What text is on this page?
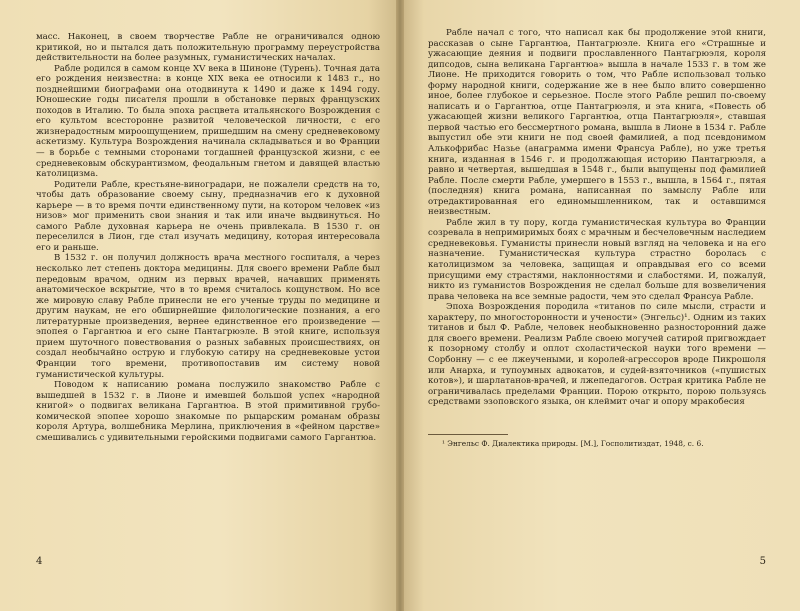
масс. Наконец, в своем творчестве Рабле не ограничивался одною критикой, но и пытался дать положительную программу переустройства действительности на более разумных, гуманистических началах.

Рабле родился в самом конце XV века в Шиноне (Турень). Точная дата его рождения неизвестна: в конце XIX века ее относили к 1483 г., но позднейшими биографами она отодвинута к 1490 и даже к 1494 году. Юношеские годы писателя прошли в обстановке первых французских походов в Италию. То была эпоха расцвета итальянского Возрождения с его культом всесторонне развитой человеческой личности, с его жизнерадостным мироощущением, пришедшим на смену средневековому аскетизму. Культура Возрождения начинала складываться и во Франции — в борьбе с темными сторонами тогдашней французской жизни, с ее средневековым обскурантизмом, феодальным гнетом и давящей властью католицизма.

Родители Рабле, крестьяне-виноградари, не пожалели средств на то, чтобы дать образование своему сыну, предназначив его к духовной карьере — в то время почти единственному пути, на котором человек «из низов» мог применить свои знания и так или иначе выдвинуться. Но самого Рабле духовная карьера не очень привлекала. В 1530 г. он переселился в Лион, где стал изучать медицину, которая интересовала его и раньше.

В 1532 г. он получил должность врача местного госпиталя, а через несколько лет степень доктора медицины. Для своего времени Рабле был передовым врачом, одним из первых врачей, начавших применять анатомическое вскрытие, что в то время считалось кощунством. Но все же мировую славу Рабле принесли не его ученые труды по медицине и другим наукам, не его обширнейшие филологические познания, а его литературные произведения, вернее единственное его произведение — эпопея о Гаргантюа и его сыне Пантагрюэле. В этой книге, используя прием шуточного повествования о разных забавных происшествиях, он создал необычайно острую и глубокую сатиру на средневековые устои Франции того времени, противопоставив им систему новой гуманистической культуры.

Поводом к написанию романа послужило знакомство Рабле с вышедшей в 1532 г. в Лионе и имевшей большой успех «народной книгой» о подвигах великана Гаргантюа. В этой примитивной грубо-комической эпопее хорошо знакомые по рыцарским романам образы короля Артура, волшебника Мерлина, приключения в «фейном царстве» смешивались с удивительными геройскими подвигами самого Гаргантюа.

4

Рабле начал с того, что написал как бы продолжение этой книги, рассказав о сыне Гаргантюа, Пантагрюэле. Книга его «Страшные и ужасающие деяния и подвиги прославленного Пантагрюэля, короля дипсодов, сына великана Гаргантюа» вышла в начале 1533 г. в том же Лионе. Не приходится говорить о том, что Рабле использовал только форму народной книги, содержание же в нее было влито совершенно иное, более глубокое и серьезное. После этого Рабле решил по-своему написать и о Гаргантюа, отце Пантагрюэля, и эта книга, «Повесть об ужасающей жизни великого Гаргантюа, отца Пантагрюэля», ставшая первой частью его бессмертного романа, вышла в Лионе в 1534 г. Рабле выпустил обе эти книги не под своей фамилией, а под псевдонимом Алькофрибас Назье (анаграмма имени Франсуа Рабле), но уже третья книга, изданная в 1546 г. и продолжающая историю Пантагрюэля, а равно и четвертая, вышедшая в 1548 г., были выпущены под фамилией Рабле. После смерти Рабле, умершего в 1553 г., вышла, в 1564 г., пятая (последняя) книга романа, написанная по замыслу Рабле или отредактированная его единомышленником, так и оставшимся неизвестным.

Рабле жил в ту пору, когда гуманистическая культура во Франции созревала в непримиримых боях с мрачным и бесчеловечным наследием средневековья. Гуманисты принесли новый взгляд на человека и на его назначение. Гуманистическая культура страстно боролась с католицизмом за человека, защищая и оправдывая его со всеми присущими ему страстями, наклонностями и слабостями. И, пожалуй, никто из гуманистов Возрождения не сделал больше для возвеличения права человека на все земные радости, чем это сделал Франсуа Рабле.

Эпоха Возрождения породила «титанов по силе мысли, страсти и характеру, по многосторонности и учености» (Энгельс)¹. Одним из таких титанов и был Ф. Рабле, человек необыкновенно разносторонний даже для своего времени. Реализм Рабле своею могучей сатирой пригвождает к позорному столбу и оплот схоластической науки того времени — Сорбонну — с ее лжеучеными, и королей-агрессоров вроде Пикрошоля или Анарха, и тупоумных адвокатов, и судей-взяточников («пушистых котов»), и шарлатанов-врачей, и лжепедагогов. Острая критика Рабле не ограничивалась пределами Франции. Порою открыто, порою пользуясь средствами эзоповского языка, он клеймит очаг и опору мракобесия

¹ Энгельс Ф. Диалектика природы. [М.], Госполитиздат, 1948, с. 6.

5
